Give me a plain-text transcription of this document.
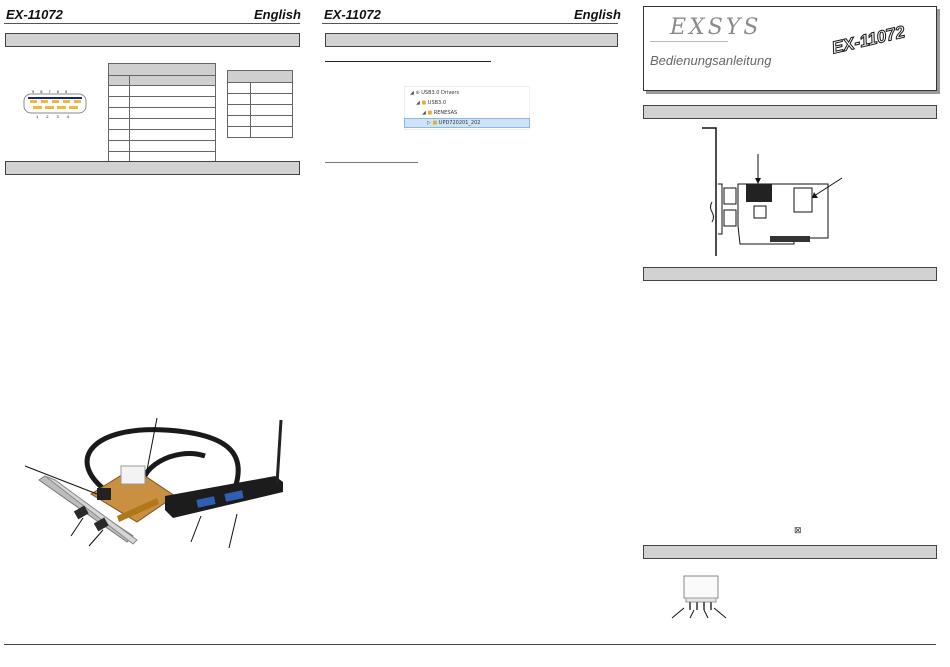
EX-11072	English
98765
1234

EX-11072	English
◢ ⊕ USB3.0 Drivers
◢ ■ USB3.0
◢ ■ RENESAS
▷ ■ UPD720201_202
EXSYS
Bedienungsanleitung
EX-11072
⊠
